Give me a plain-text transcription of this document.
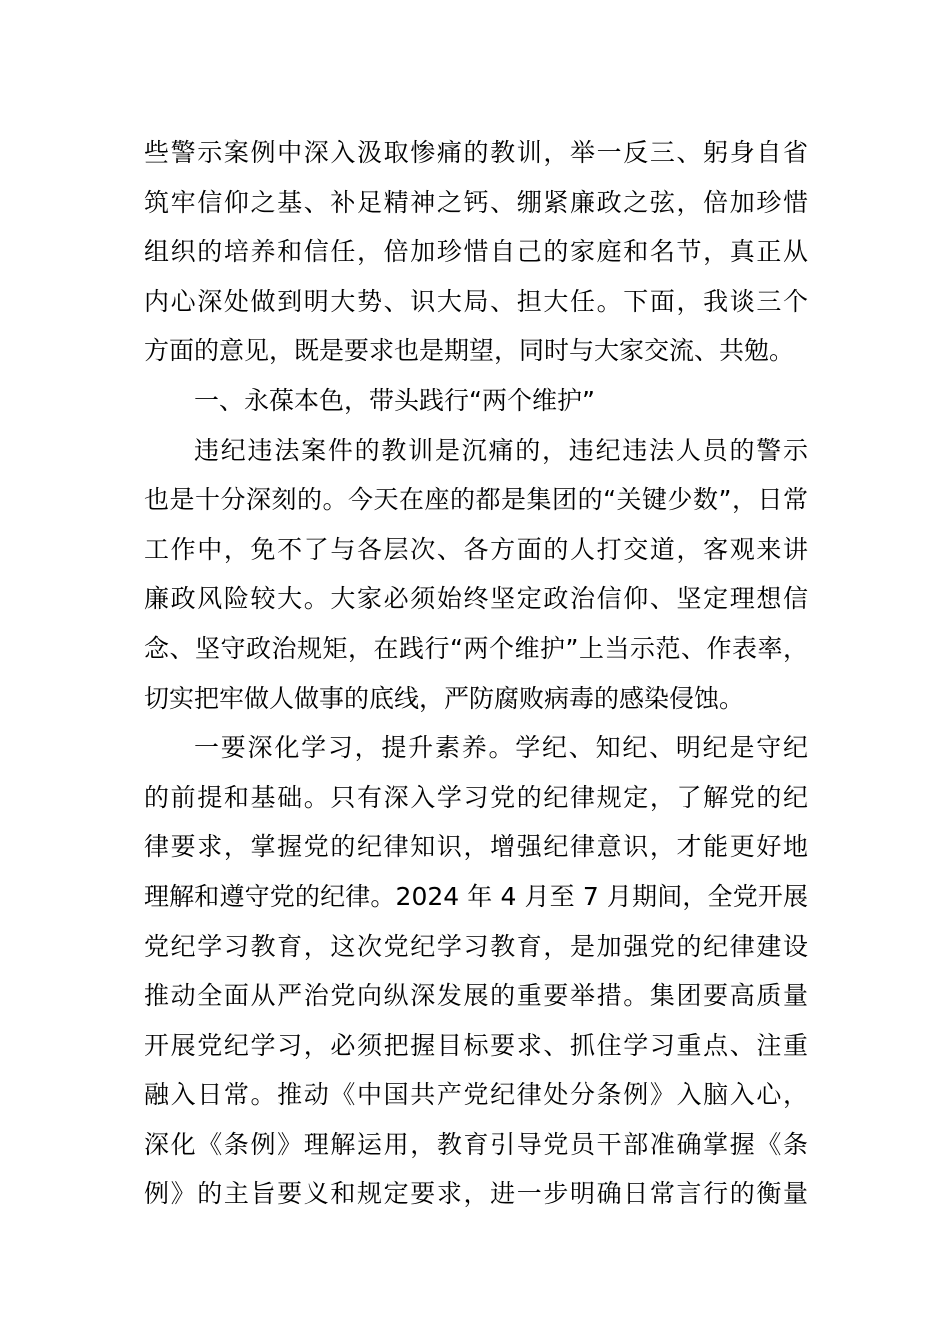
些警示案例中深入汲取惨痛的教训，举一反三、躬身自省
筑牢信仰之基、补足精神之钙、绷紧廉政之弦，倍加珍惜
组织的培养和信任，倍加珍惜自己的家庭和名节，真正从
内心深处做到明大势、识大局、担大任。下面，我谈三个
方面的意见，既是要求也是期望，同时与大家交流、共勉。
一、永葆本色，带头践行“两个维护”
违纪违法案件的教训是沉痛的，违纪违法人员的警示
也是十分深刻的。今天在座的都是集团的“关键少数”，日常
工作中，免不了与各层次、各方面的人打交道，客观来讲
廉政风险较大。大家必须始终坚定政治信仰、坚定理想信
念、坚守政治规矩，在践行“两个维护”上当示范、作表率，
切实把牢做人做事的底线，严防腐败病毒的感染侵蚀。
一要深化学习，提升素养。学纪、知纪、明纪是守纪
的前提和基础。只有深入学习党的纪律规定，了解党的纪
律要求，掌握党的纪律知识，增强纪律意识，才能更好地
理解和遵守党的纪律。2024 年 4 月至 7 月期间，全党开展
党纪学习教育，这次党纪学习教育，是加强党的纪律建设
推动全面从严治党向纵深发展的重要举措。集团要高质量
开展党纪学习，必须把握目标要求、抓住学习重点、注重
融入日常。推动《中国共产党纪律处分条例》入脑入心，
深化《条例》理解运用，教育引导党员干部准确掌握《条
例》的主旨要义和规定要求，进一步明确日常言行的衡量
